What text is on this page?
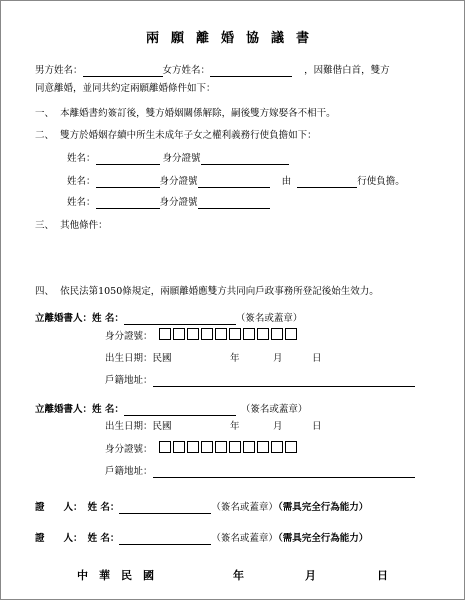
兩願離婚協議書
男方姓名：	女方姓名：	，因難偕白首，雙方
同意離婚，並同共約定兩願離婚條件如下：
一、 本離婚書約簽訂後，雙方婚姻關係解除，嗣後雙方嫁娶各不相干。
二、 雙方於婚姻存續中所生未成年子女之權利義務行使負擔如下：
姓名：	身分證號
姓名：	身分證號	由	行使負擔。
姓名：	身分證號
三、 其他條件：
四、 依民法第1050條規定，兩願離婚應雙方共同向戶政事務所登記後始生效力。
立離婚書人：姓 名：	（簽名或蓋章）
身分證號：
出生日期：民國	年	月	日
戶籍地址：
立離婚書人：姓 名：	（簽名或蓋章）
出生日期：民國	年	月	日
身分證號：
戶籍地址：
證　　人： 姓 名：	（簽名或蓋章）（需具完全行為能力）
證　　人： 姓 名：	（簽名或蓋章）（需具完全行為能力）
中　華　民　國	年	月	日
